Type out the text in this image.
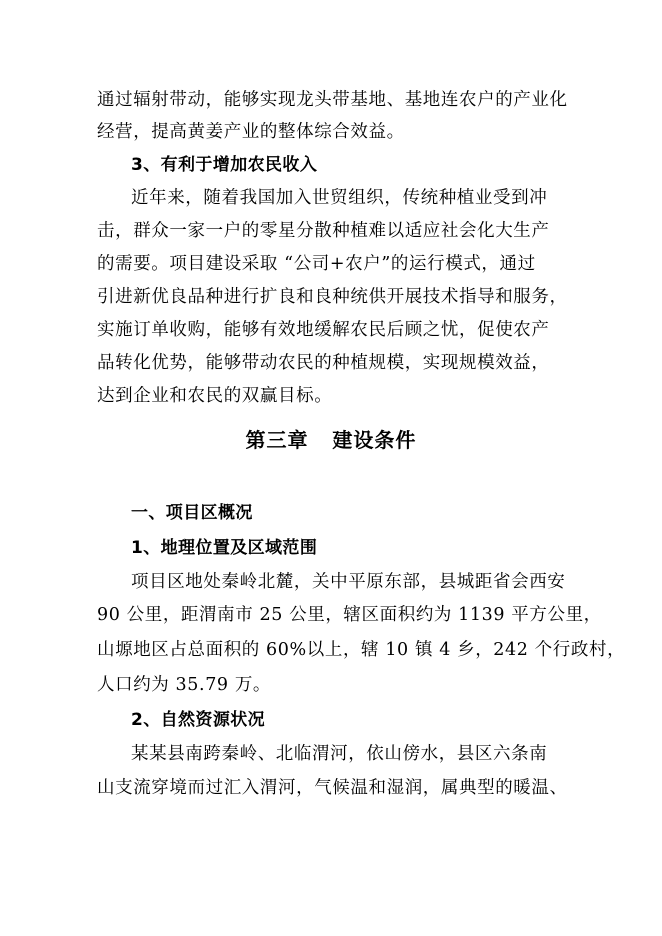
通过辐射带动，能够实现龙头带基地、基地连农户的产业化
经营，提高黄姜产业的整体综合效益。
3、有利于增加农民收入
近年来，随着我国加入世贸组织，传统种植业受到冲
击，群众一家一户的零星分散种植难以适应社会化大生产
的需要。项目建设采取 “公司+农户”的运行模式，通过
引进新优良品种进行扩良和良种统供开展技术指导和服务，
实施订单收购，能够有效地缓解农民后顾之忧，促使农产
品转化优势，能够带动农民的种植规模，实现规模效益，
达到企业和农民的双赢目标。
第三章   建设条件
一、项目区概况
1、地理位置及区域范围
项目区地处秦岭北麓，关中平原东部，县城距省会西安
90 公里，距渭南市 25 公里，辖区面积约为 1139 平方公里，
山塬地区占总面积的 60%以上，辖 10 镇 4 乡，242 个行政村，
人口约为 35.79 万。
2、自然资源状况
某某县南跨秦岭、北临渭河，依山傍水，县区六条南
山支流穿境而过汇入渭河，气候温和湿润，属典型的暖温、
